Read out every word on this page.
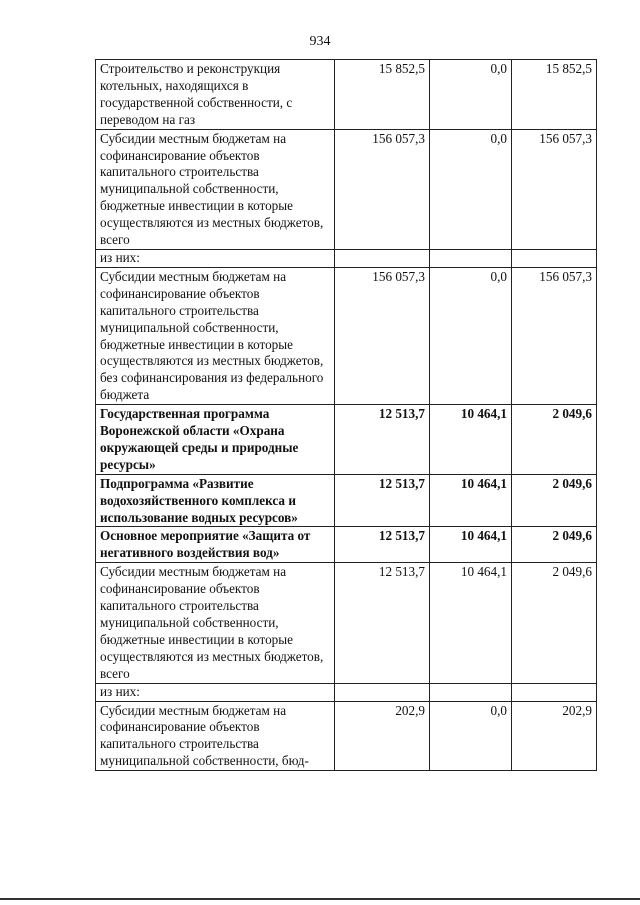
934
Строительство и реконструкция котельных, находящихся в государственной собственности, с переводом на газ	15 852,5	0,0	15 852,5
Субсидии местным бюджетам на софинансирование объектов капитального строительства муниципальной собственности, бюджетные инвестиции в которые осуществляются из местных бюджетов, всего	156 057,3	0,0	156 057,3
из них:			
Субсидии местным бюджетам на софинансирование объектов капитального строительства муниципальной собственности, бюджетные инвестиции в которые осуществляются из местных бюджетов, без софинансирования из федерального бюджета	156 057,3	0,0	156 057,3
Государственная программа Воронежской области «Охрана окружающей среды и природные ресурсы»	12 513,7	10 464,1	2 049,6
Подпрограмма «Развитие водохозяйственного комплекса и использование водных ресурсов»	12 513,7	10 464,1	2 049,6
Основное мероприятие «Защита от негативного воздействия вод»	12 513,7	10 464,1	2 049,6
Субсидии местным бюджетам на софинансирование объектов капитального строительства муниципальной собственности, бюджетные инвестиции в которые осуществляются из местных бюджетов, всего	12 513,7	10 464,1	2 049,6
из них:			
Субсидии местным бюджетам на софинансирование объектов капитального строительства муниципальной собственности, бюд-	202,9	0,0	202,9
